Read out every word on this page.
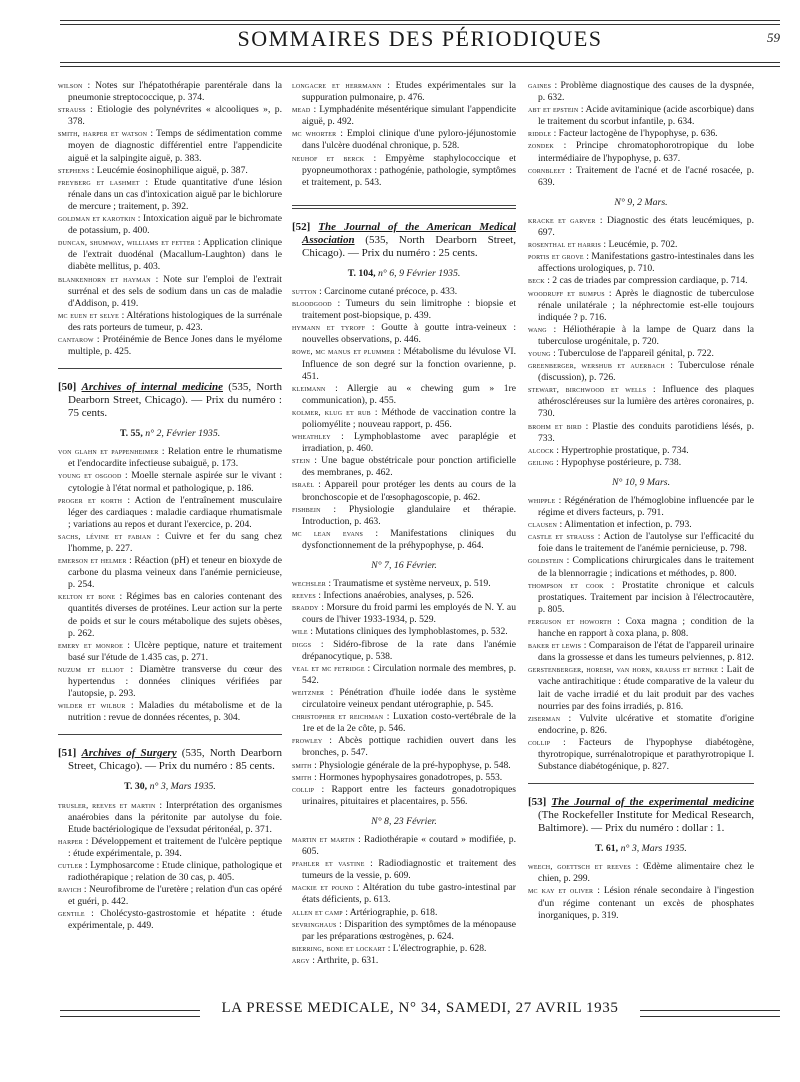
SOMMAIRES DES PÉRIODIQUES	59

wilson : Notes sur l'hépatothérapie parentérale dans la pneumonie streptococcique, p. 374.

strauss : Etiologie des polynévrites « alcooliques », p. 378.

smith, harper et watson : Temps de sédimentation comme moyen de diagnostic différentiel entre l'appendicite aiguë et la salpingite aiguë, p. 383.

stephens : Leucémie éosinophilique aiguë, p. 387.

freyberg et lashmet : Etude quantitative d'une lésion rénale dans un cas d'intoxication aiguë par le bichlorure de mercure ; traitement, p. 392.

goldman et karotkin : Intoxication aiguë par le bichromate de potassium, p. 400.

duncan, shumway, williams et fetter : Application clinique de l'extrait duodénal (Macallum-Laughton) dans le diabète mellitus, p. 403.

blankenhorn et hayman : Note sur l'emploi de l'extrait surrénal et des sels de sodium dans un cas de maladie d'Addison, p. 419.

mc euen et selye : Altérations histologiques de la surrénale des rats porteurs de tumeur, p. 423.

cantarow : Protéinémie de Bence Jones dans le myélome multiple, p. 425.

[50] Archives of internal medicine (535, North Dearborn Street, Chicago). — Prix du numéro : 75 cents.

T. 55, n° 2, Février 1935.

von glahn et pappenheimer : Relation entre le rhumatisme et l'endocardite infectieuse subaiguë, p. 173.

young et osgood : Moelle sternale aspirée sur le vivant : cytologie à l'état normal et pathologique, p. 186.

proger et korth : Action de l'entraînement musculaire léger des cardiaques : maladie cardiaque rhumatismale ; variations au repos et durant l'exercice, p. 204.

sachs, lévine et fabian : Cuivre et fer du sang chez l'homme, p. 227.

emerson et helmer : Réaction (pH) et teneur en bioxyde de carbone du plasma veineux dans l'anémie pernicieuse, p. 254.

kelton et bone : Régimes bas en calories contenant des quantités diverses de protéines. Leur action sur la perte de poids et sur le cours métabolique des sujets obèses, p. 262.

emery et monroe : Ulcère peptique, nature et traitement basé sur l'étude de 1.435 cas, p. 271.

nuzum et elliot : Diamètre transverse du cœur des hypertendus : données cliniques vérifiées par l'autopsie, p. 293.

wilder et wilbur : Maladies du métabolisme et de la nutrition : revue de données récentes, p. 304.

[51] Archives of Surgery (535, North Dearborn Street, Chicago). — Prix du numéro : 85 cents.

T. 30, n° 3, Mars 1935.

trusler, reeves et martin : Interprétation des organismes anaérobies dans la péritonite par autolyse du foie. Etude bactériologique de l'exsudat péritonéal, p. 371.

harper : Développement et traitement de l'ulcère peptique : étude expérimentale, p. 394.

cutler : Lymphosarcome : Etude clinique, pathologique et radiothérapique ; relation de 30 cas, p. 405.

ravich : Neurofibrome de l'uretère ; relation d'un cas opéré et guéri, p. 442.

gentile : Cholécysto-gastrostomie et hépatite : étude expérimentale, p. 449.

longacre et herrmann : Etudes expérimentales sur la suppuration pulmonaire, p. 476.

mead : Lymphadénite mésentérique simulant l'appendicite aiguë, p. 492.

mc whorter : Emploi clinique d'une pyloro-jéjunostomie dans l'ulcère duodénal chronique, p. 528.

neuhof et berck : Empyème staphylococcique et pyopneumothorax : pathogénie, pathologie, symptômes et traitement, p. 543.

[52] The Journal of the American Medical Association (535, North Dearborn Street, Chicago). — Prix du numéro : 25 cents.

T. 104, n° 6, 9 Février 1935.

sutton : Carcinome cutané précoce, p. 433.

bloodgood : Tumeurs du sein limitrophe : biopsie et traitement post-biopsique, p. 439.

hymann et tyroff : Goutte à goutte intra-veineux : nouvelles observations, p. 446.

rowe, mc manus et plummer : Métabolisme du lévulose VI. Influence de son degré sur la fonction ovarienne, p. 451.

kleimann : Allergie au « chewing gum » 1re communication), p. 455.

kolmer, klug et rub : Méthode de vaccination contre la poliomyélite ; nouveau rapport, p. 456.

wheathley : Lymphoblastome avec paraplégie et irradiation, p. 460.

stein : Une bague obstétricale pour ponction artificielle des membranes, p. 462.

israël : Appareil pour protéger les dents au cours de la bronchoscopie et de l'œsophagoscopie, p. 462.

fishbein : Physiologie glandulaire et thérapie. Introduction, p. 463.

mc lean evans : Manifestations cliniques du dysfonctionnement de la préhypophyse, p. 464.

N° 7, 16 Février.

wechsler : Traumatisme et système nerveux, p. 519.

reeves : Infections anaérobies, analyses, p. 526.

braddy : Morsure du froid parmi les employés de N. Y. au cours de l'hiver 1933-1934, p. 529.

wile : Mutations cliniques des lymphoblastomes, p. 532.

diggs : Sidéro-fibrose de la rate dans l'anémie drépanocytique, p. 538.

veal et mc fetridge : Circulation normale des membres, p. 542.

weitzner : Pénétration d'huile iodée dans le système circulatoire veineux pendant utérographie, p. 545.

christopher et reichman : Luxation costo-vertébrale de la 1re et de la 2e côte, p. 546.

frowley : Abcès pottique rachidien ouvert dans les bronches, p. 547.

smith : Physiologie générale de la pré-hypophyse, p. 548.

smith : Hormones hypophysaires gonadotropes, p. 553.

collip : Rapport entre les facteurs gonadotropiques urinaires, pituitaires et placentaires, p. 556.

N° 8, 23 Février.

martin et martin : Radiothérapie « coutard » modifiée, p. 605.

pfahler et vastine : Radiodiagnostic et traitement des tumeurs de la vessie, p. 609.

mackie et pound : Altération du tube gastro-intestinal par états déficients, p. 613.

allen et camp : Artériographie, p. 618.

sevringhaus : Disparition des symptômes de la ménopause par les préparations œstrogènes, p. 624.

bierring, bone et lockart : L'électrographie, p. 628.

argy : Arthrite, p. 631.

gaines : Problème diagnostique des causes de la dyspnée, p. 632.

abt et epstein : Acide avitaminique (acide ascorbique) dans le traitement du scorbut infantile, p. 634.

riddle : Facteur lactogène de l'hypophyse, p. 636.

zondek : Principe chromatophorotropique du lobe intermédiaire de l'hypophyse, p. 637.

cornbleet : Traitement de l'acné et de l'acné rosacée, p. 639.

N° 9, 2 Mars.

kracke et garver : Diagnostic des états leucémiques, p. 697.

rosenthal et harris : Leucémie, p. 702.

portis et grove : Manifestations gastro-intestinales dans les affections urologiques, p. 710.

beck : 2 cas de triades par compression cardiaque, p. 714.

woodruff et bumpus : Après le diagnostic de tuberculose rénale unilatérale ; la néphrectomie est-elle toujours indiquée ? p. 716.

wang : Héliothérapie à la lampe de Quarz dans la tuberculose urogénitale, p. 720.

young : Tuberculose de l'appareil génital, p. 722.

greenberger, wershub et auerbach : Tuberculose rénale (discussion), p. 726.

stewart, birchwood et wells : Influence des plaques athéroscléreuses sur la lumière des artères coronaires, p. 730.

brohm et bird : Plastie des conduits parotidiens lésés, p. 733.

alcock : Hypertrophie prostatique, p. 734.

geiling : Hypophyse postérieure, p. 738.

N° 10, 9 Mars.

whipple : Régénération de l'hémoglobine influencée par le régime et divers facteurs, p. 791.

clausen : Alimentation et infection, p. 793.

castle et strauss : Action de l'autolyse sur l'efficacité du foie dans le traitement de l'anémie pernicieuse, p. 798.

goldstein : Complications chirurgicales dans le traitement de la blennorragie ; indications et méthodes, p. 800.

thompson et cook : Prostatite chronique et calculs prostatiques. Traitement par incision à l'électrocautère, p. 805.

ferguson et howorth : Coxa magna ; condition de la hanche en rapport à coxa plana, p. 808.

baker et lewis : Comparaison de l'état de l'appareil urinaire dans la grossesse et dans les tumeurs pelviennes, p. 812.

gerstenberger, horesh, van horn, krauss et bethke : Lait de vache antirachitique : étude comparative de la valeur du lait de vache irradié et du lait produit par des vaches nourries par des foins irradiés, p. 816.

ziserman : Vulvite ulcérative et stomatite d'origine endocrine, p. 826.

collip : Facteurs de l'hypophyse diabétogène, thyrotropique, surrénalotropique et parathyrotropique I. Substance diabétogénique, p. 827.

[53] The Journal of the experimental medicine (The Rockefeller Institute for Medical Research, Baltimore). — Prix du numéro : dollar : 1.

T. 61, n° 3, Mars 1935.

weech, goettsch et reeves : Œdème alimentaire chez le chien, p. 299.

mc kay et oliver : Lésion rénale secondaire à l'ingestion d'un régime contenant un excès de phosphates inorganiques, p. 319.

LA PRESSE MEDICALE, N° 34, SAMEDI, 27 AVRIL 1935
